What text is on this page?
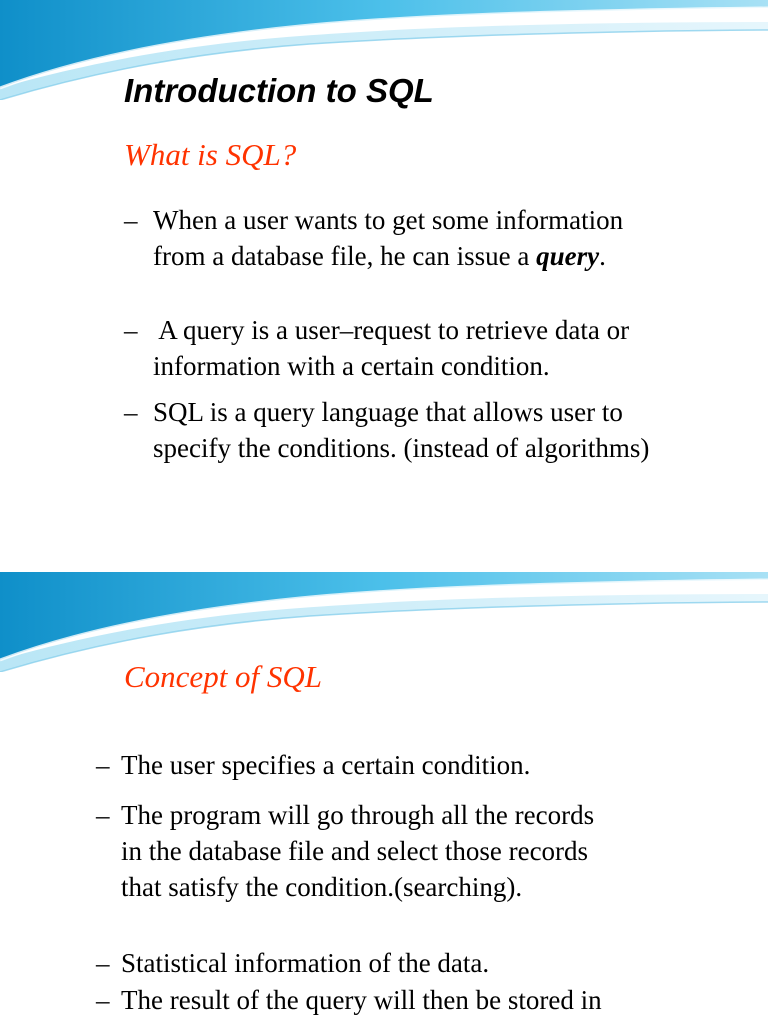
Introduction to SQL
What is SQL?
– When a user wants to get some information
from a database file, he can issue a query.
– A query is a user–request to retrieve data or
information with a certain condition.
– SQL is a query language that allows user to
specify the conditions. (instead of algorithms)
Concept of SQL
– The user specifies a certain condition.
– The program will go through all the records
in the database file and select those records
that satisfy the condition.(searching).
– Statistical information of the data.
– The result of the query will then be stored in
